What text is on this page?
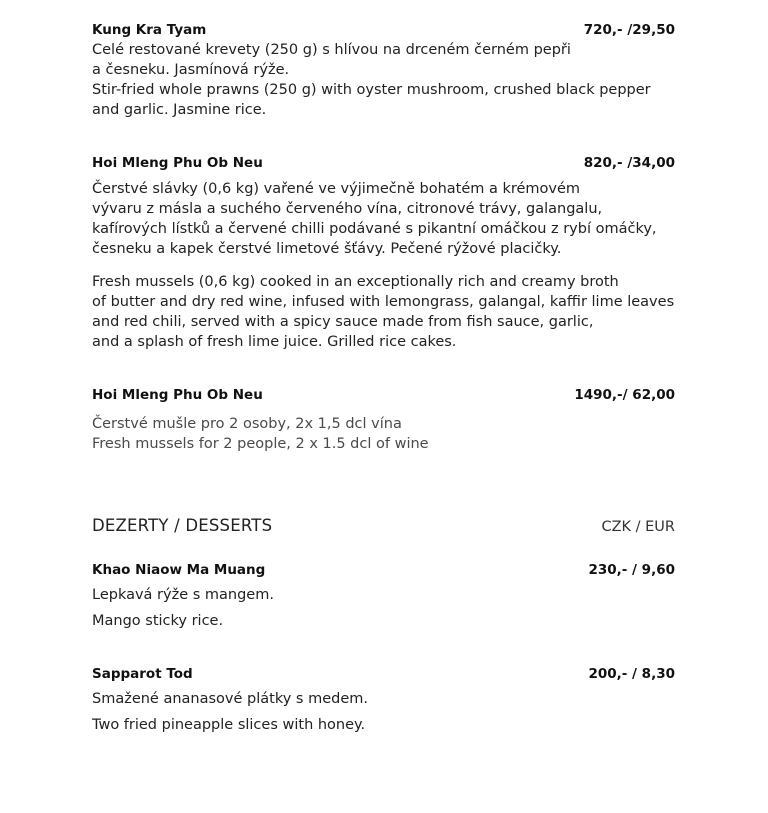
Kung Kra Tyam	720,- /29,50
Celé restované krevety (250 g) s hlívou na drceném černém pepři
a česneku. Jasmínová rýže.
Stir-fried whole prawns (250 g) with oyster mushroom, crushed black pepper
and garlic. Jasmine rice.
Hoi Mleng Phu Ob Neu	820,- /34,00
Čerstvé slávky (0,6 kg) vařené ve výjimečně bohatém a krémovém
vývaru z másla a suchého červeného vína, citronové trávy, galangalu,
kafírových lístků a červené chilli podávané s pikantní omáčkou z rybí omáčky,
česneku a kapek čerstvé limetové šťávy. Pečené rýžové placičky.
Fresh mussels (0,6 kg) cooked in an exceptionally rich and creamy broth
of butter and dry red wine, infused with lemongrass, galangal, kaffir lime leaves
and red chili, served with a spicy sauce made from fish sauce, garlic,
and a splash of fresh lime juice. Grilled rice cakes.
Hoi Mleng Phu Ob Neu	1490,-/ 62,00
Čerstvé mušle pro 2 osoby, 2x 1,5 dcl vína
Fresh mussels for 2 people, 2 x 1.5 dcl of wine
DEZERTY / DESSERTS	CZK / EUR
Khao Niaow Ma Muang	230,- / 9,60
Lepkavá rýže s mangem.
Mango sticky rice.
Sapparot Tod	200,- / 8,30
Smažené ananasové plátky s medem.
Two fried pineapple slices with honey.
